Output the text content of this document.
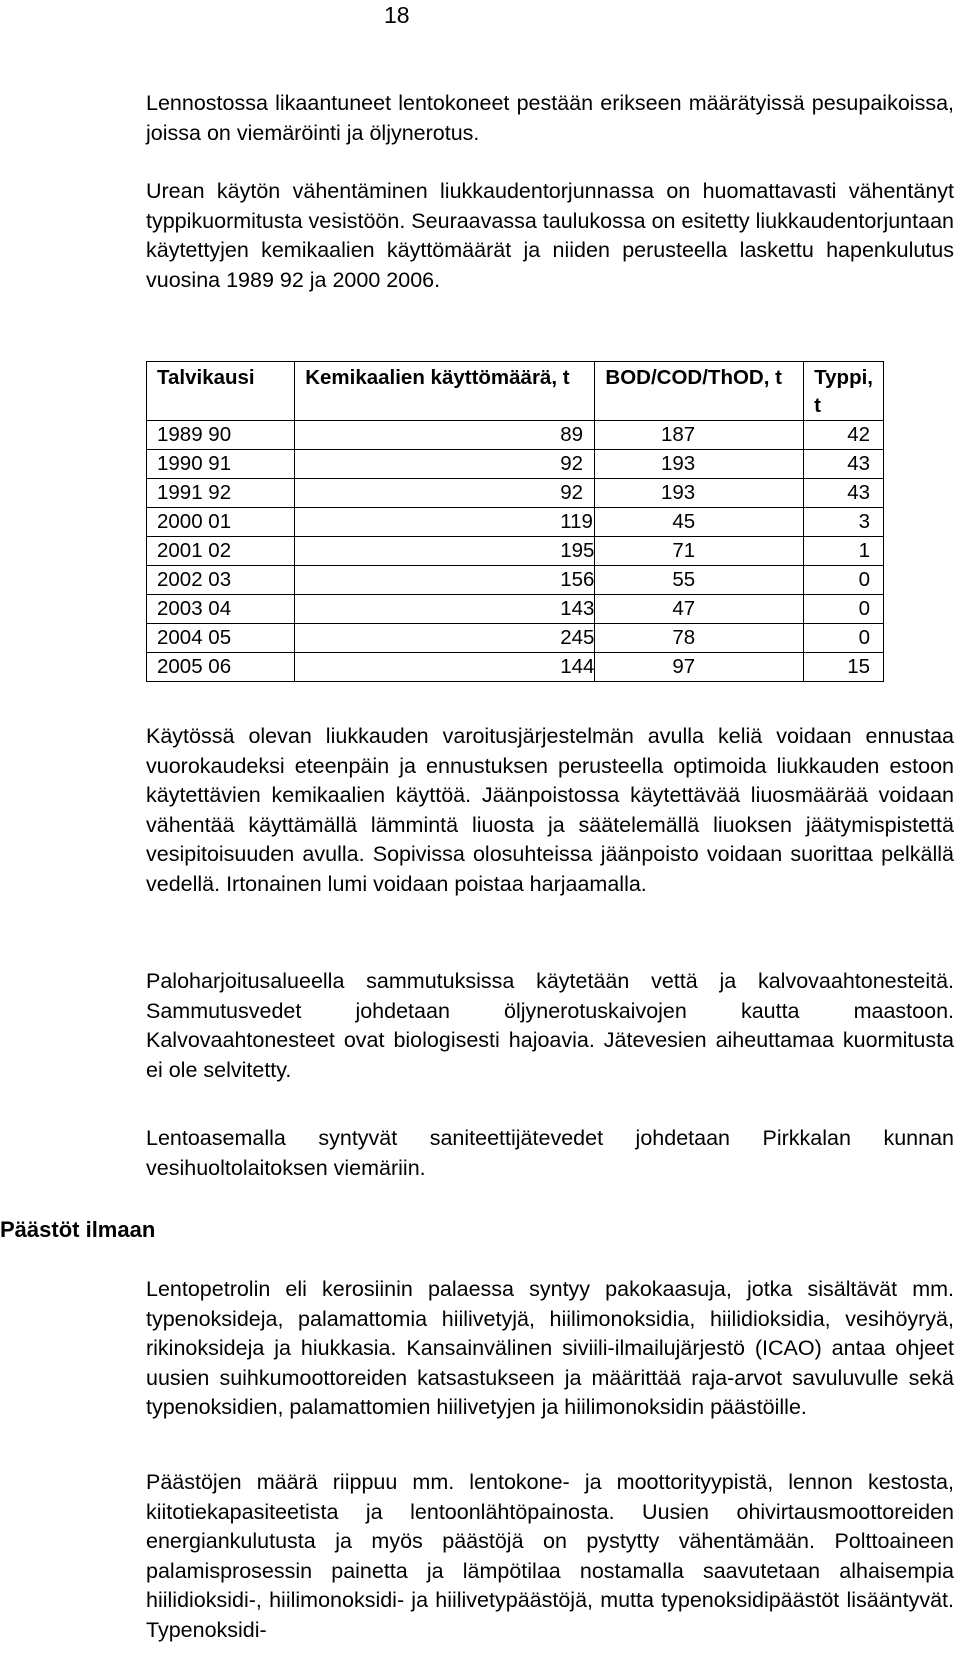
18

Lennostossa likaantuneet lentokoneet pestään erikseen määrätyissä pesupaikoissa, joissa on viemäröinti ja öljynerotus.

Urean käytön vähentäminen liukkaudentorjunnassa on huomattavasti vähentänyt typpikuormitusta vesistöön. Seuraavassa taulukossa on esitetty liukkaudentorjuntaan käytettyjen kemikaalien käyttömäärät ja niiden perusteella laskettu hapenkulutus vuosina 1989 92 ja 2000 2006.

Talvikausi	Kemikaalien käyttömäärä, t	BOD/COD/ThOD, t	Typpi, t
1989 90	89	187	42
1990 91	92	193	43
1991 92	92	193	43
2000 01	119	45	3
2001 02	195	71	1
2002 03	156	55	0
2003 04	143	47	0
2004 05	245	78	0
2005 06	144	97	15

Käytössä olevan liukkauden varoitusjärjestelmän avulla keliä voidaan ennustaa vuorokaudeksi eteenpäin ja ennustuksen perusteella optimoida liukkauden estoon käytettävien kemikaalien käyttöä. Jäänpoistossa käytettävää liuosmäärää voidaan vähentää käyttämällä lämmintä liuosta ja säätelemällä liuoksen jäätymispistettä vesipitoisuuden avulla. Sopivissa olosuhteissa jäänpoisto voidaan suorittaa pelkällä vedellä. Irtonainen lumi voidaan poistaa harjaamalla.

Paloharjoitusalueella sammutuksissa käytetään vettä ja kalvovaahtonesteitä. Sammutusvedet johdetaan öljynerotuskaivojen kautta maastoon. Kalvovaahtonesteet ovat biologisesti hajoavia. Jätevesien aiheuttamaa kuormitusta ei ole selvitetty.

Lentoasemalla syntyvät saniteettijätevedet johdetaan Pirkkalan kunnan vesihuoltolaitoksen viemäriin.

Päästöt ilmaan

Lentopetrolin eli kerosiinin palaessa syntyy pakokaasuja, jotka sisältävät mm. typenoksideja, palamattomia hiilivetyjä, hiilimonoksidia, hiilidioksidia, vesihöyryä, rikinoksideja ja hiukkasia. Kansainvälinen siviili-ilmailujärjestö (ICAO) antaa ohjeet uusien suihkumoottoreiden katsastukseen ja määrittää raja-arvot savuluvulle sekä typenoksidien, palamattomien hiilivetyjen ja hiilimonoksidin päästöille.

Päästöjen määrä riippuu mm. lentokone- ja moottorityypistä, lennon kestosta, kiitotiekapasiteetista ja lentoonlähtöpainosta. Uusien ohivirtausmoottoreiden energiankulutusta ja myös päästöjä on pystytty vähentämään. Polttoaineen palamisprosessin painetta ja lämpötilaa nostamalla saavutetaan alhaisempia hiilidioksidi-, hiilimonoksidi- ja hiilivetypäästöjä, mutta typenoksidipäästöt lisääntyvät. Typenoksidi-
